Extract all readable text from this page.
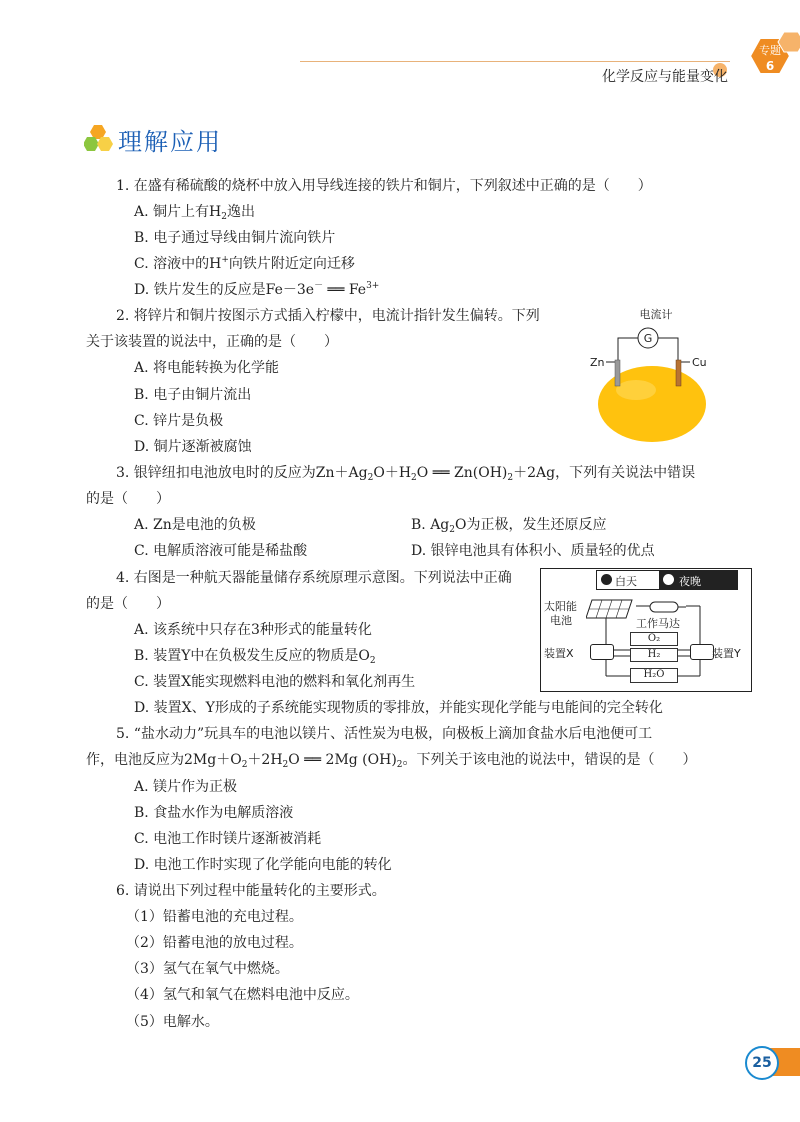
专题
6
化学反应与能量变化
理解应用
1. 在盛有稀硫酸的烧杯中放入用导线连接的铁片和铜片，下列叙述中正确的是（　　）
A. 铜片上有$H_2$逸出
B. 电子通过导线由铜片流向铁片
C. 溶液中的H+向铁片附近定向迁移
D. 铁片发生的反应是Fe－3e－ ══ $Fe^{3+}$
2. 将锌片和铜片按图示方式插入柠檬中，电流计指针发生偏转。下列
关于该装置的说法中，正确的是（　　）
A. 将电能转换为化学能
B. 电子由铜片流出
C. 锌片是负极
D. 铜片逐渐被腐蚀
电流计
G
Zn	Cu
3. 银锌纽扣电池放电时的反应为$Zn+Ag_2O+H_2O$ ══ $Zn(OH)_2+2Ag$，下列有关说法中错误
的是（　　）
A. Zn是电池的负极	B. $Ag_2O$为正极，发生还原反应
C. 电解质溶液可能是稀盐酸	D. 银锌电池具有体积小、质量轻的优点
4. 右图是一种航天器能量储存系统原理示意图。下列说法中正确
的是（　　）
A. 该系统中只存在3种形式的能量转化
B. 装置Y中在负极发生反应的物质是$O_2$
C. 装置X能实现燃料电池的燃料和氧化剂再生
D. 装置X、Y形成的子系统能实现物质的零排放，并能实现化学能与电能间的完全转化
白天	夜晚
太阳能
电池	工作马达
装置X	装置Y
O₂
H₂
H₂O
5. “盐水动力”玩具车的电池以镁片、活性炭为电极，向极板上滴加食盐水后电池便可工
作，电池反应为$2Mg+O_2+2H_2O$ ══ 2Mg $(OH)_2$。下列关于该电池的说法中，错误的是（　　）
A. 镁片作为正极
B. 食盐水作为电解质溶液
C. 电池工作时镁片逐渐被消耗
D. 电池工作时实现了化学能向电能的转化
6. 请说出下列过程中能量转化的主要形式。
（1）铅蓄电池的充电过程。
（2）铅蓄电池的放电过程。
（3）氢气在氧气中燃烧。
（4）氢气和氧气在燃料电池中反应。
（5）电解水。
25
